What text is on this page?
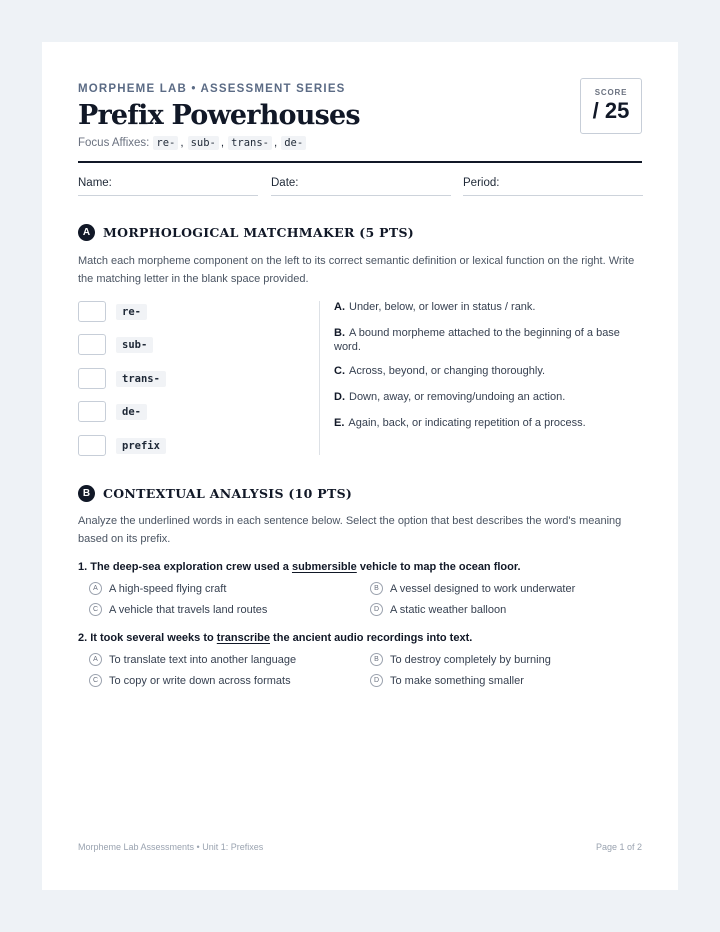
MORPHEME LAB • ASSESSMENT SERIES
Prefix Powerhouses
Focus Affixes: re- , sub- , trans- , de-
SCORE
/ 25
Name:	Date:	Period:
A	MORPHOLOGICAL MATCHMAKER (5 PTS)
Match each morpheme component on the left to its correct semantic definition or lexical function on the right. Write the matching letter in the blank space provided.
re-
sub-
trans-
de-
prefix
A. Under, below, or lower in status / rank.
B. A bound morpheme attached to the beginning of a base word.
C. Across, beyond, or changing thoroughly.
D. Down, away, or removing/undoing an action.
E. Again, back, or indicating repetition of a process.
B	CONTEXTUAL ANALYSIS (10 PTS)
Analyze the underlined words in each sentence below. Select the option that best describes the word's meaning based on its prefix.
1. The deep-sea exploration crew used a submersible vehicle to map the ocean floor.
A	A high-speed flying craft	B	A vessel designed to work underwater
C A vehicle that travels land routes	D A static weather balloon
2. It took several weeks to transcribe the ancient audio recordings into text.
A	To translate text into another language	B	To destroy completely by burning
C To copy or write down across formats	D To make something smaller
Morpheme Lab Assessments • Unit 1: Prefixes	Page 1 of 2
